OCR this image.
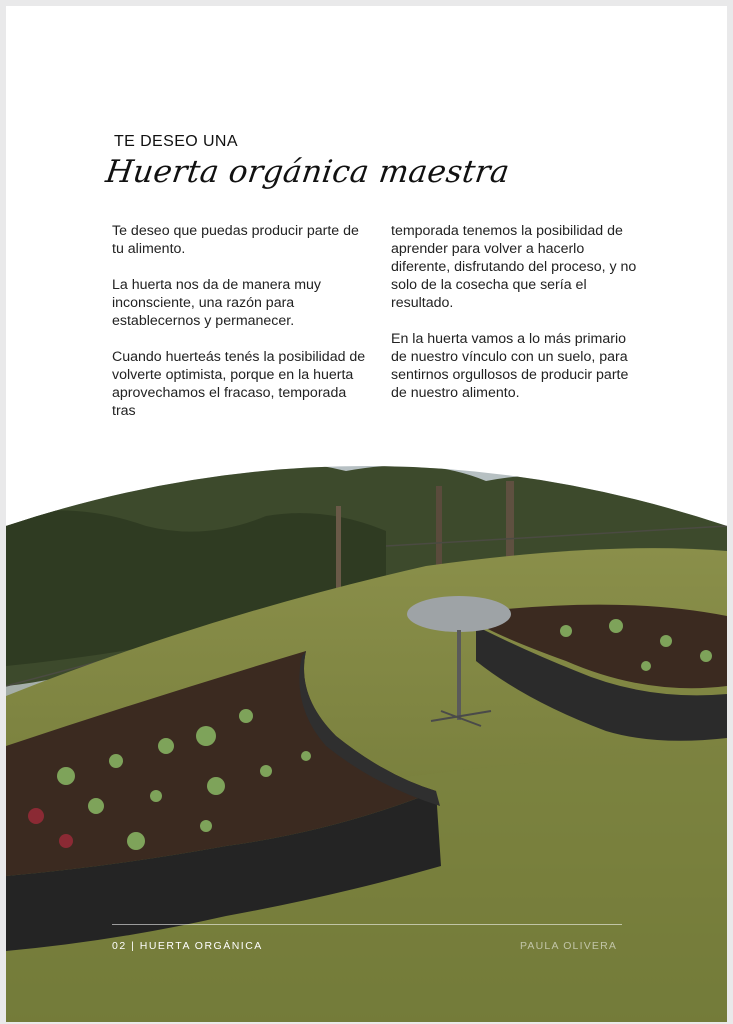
TE DESEO UNA
Huerta orgánica maestra

Te deseo que puedas producir parte de tu alimento.

La huerta nos da de manera muy inconsciente, una razón para establecernos y permanecer.

Cuando huerteás tenés la posibilidad de volverte optimista, porque en la huerta aprovechamos el fracaso, temporada tras

temporada tenemos la posibilidad de aprender para volver a hacerlo diferente, disfrutando del proceso, y no solo de la cosecha que sería el resultado.

En la huerta vamos a lo más primario de nuestro vínculo con un suelo, para sentirnos orgullosos de producir parte de nuestro alimento.

02 | HUERTA ORGÁNICA	PAULA OLIVERA
